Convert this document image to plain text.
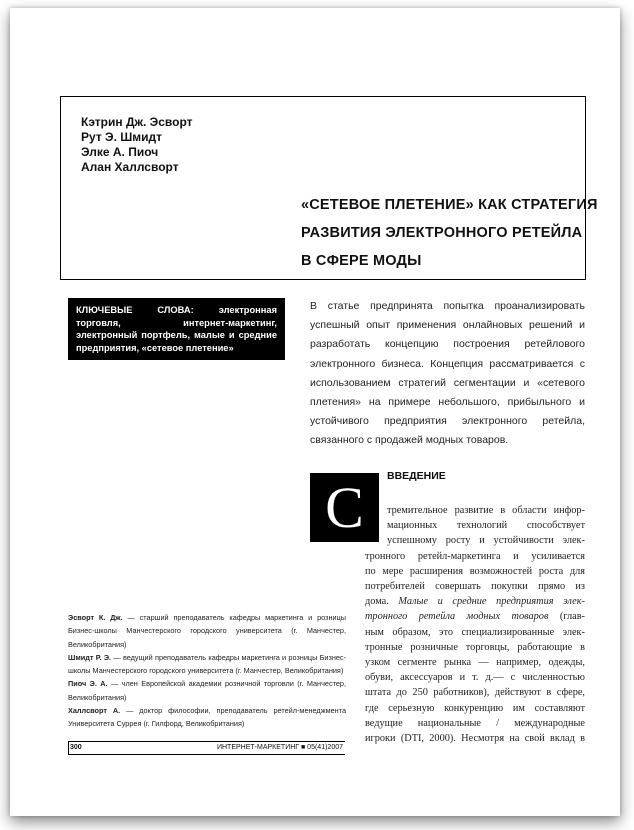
Кэтрин Дж. Эсворт
Рут Э. Шмидт
Элке А. Пиоч
Алан Халлсворт
«СЕТЕВОЕ ПЛЕТЕНИЕ» КАК СТРАТЕГИЯ
РАЗВИТИЯ ЭЛЕКТРОННОГО РЕТЕЙЛА
В СФЕРЕ МОДЫ
КЛЮЧЕВЫЕ СЛОВА: электронная торговля, интернет-маркетинг, электронный портфель, малые и средние предприятия, «сетевое плетение»
В статье предпринята попытка проанализировать успешный опыт применения онлайновых решений и разработать концепцию построения ретейлового электронного бизнеса. Концепция рассматривается с использованием стратегий сегментации и «сетевого плетения» на примере небольшого, прибыльного и устойчивого предприятия электронного ретейла, связанного с продажей модных товаров.
С	ВВЕДЕНИЕ
тремительное развитие в области инфор-
мационных технологий способствует
успешному росту и устойчивости элек-
тронного ретейл-маркетинга и усиливается
по мере расширения возможностей роста для
потребителей совершать покупки прямо из
дома. Малые и средние предприятия элек-
тронного ретейла модных товаров (глав-
ным образом, это специализированные элек-
тронные розничные торговцы, работающие в
узком сегменте рынка — например, одежды,
обуви, аксессуаров и т. д.— с численностью
штата до 250 работников), действуют в сфере,
где серьезную конкуренцию им составляют
ведущие национальные / международные
игроки (DTI, 2000). Несмотря на свой вклад в

Эсворт К. Дж. — старший преподаватель кафедры маркетинга и розницы Бизнес-школы Манчестерского городского университета (г. Манчестер, Великобритания)

Шмидт Р. Э. — ведущий преподаватель кафедры маркетинга и розницы Бизнес-школы Манчестерского городского университета (г. Манчестер, Великобритания)

Пиоч Э. А. — член Европейской академии розничной торговли (г. Манчестер, Великобритания)

Халлсворт А. — доктор философии, преподаватель ретейл-менеджмента Университета Суррея (г. Гилфорд, Великобритания)

300	ИНТЕРНЕТ-МАРКЕТИНГ ■ 05(41)2007
